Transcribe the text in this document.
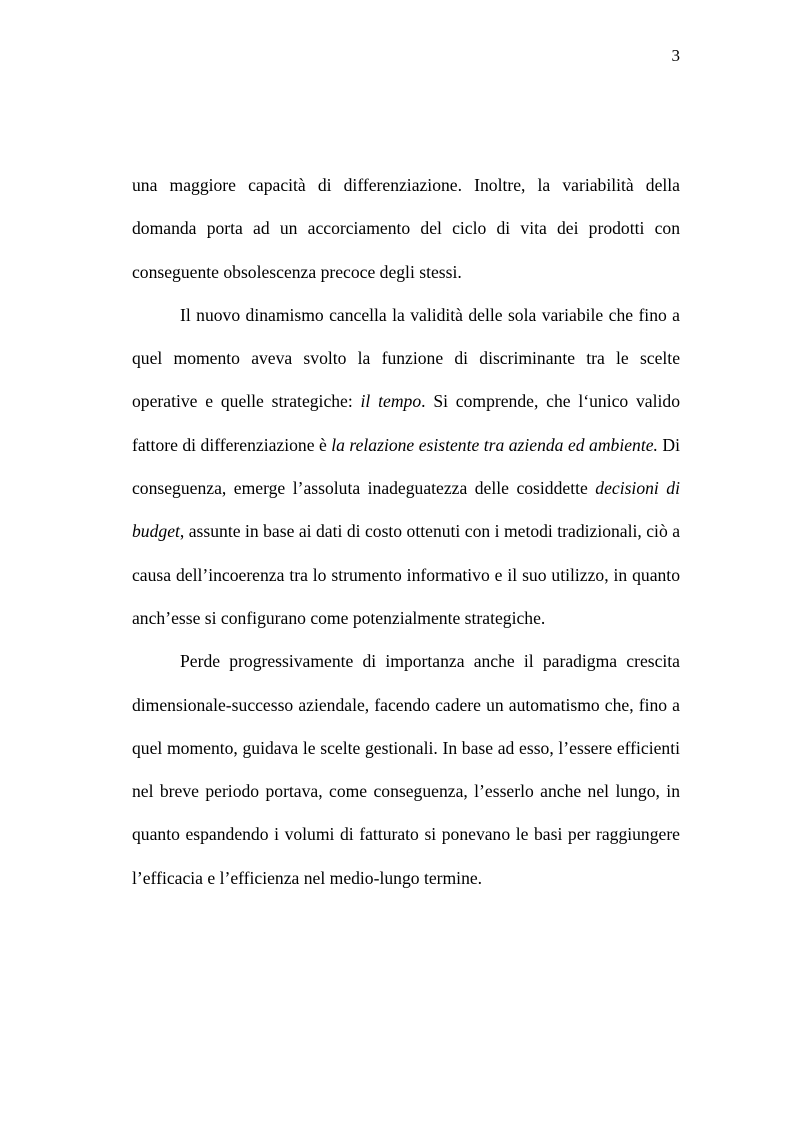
3

una maggiore capacità di differenziazione. Inoltre, la variabilità della domanda porta ad un accorciamento del ciclo di vita dei prodotti con conseguente obsolescenza precoce degli stessi.

Il nuovo dinamismo cancella la validità delle sola variabile che fino a quel momento aveva svolto la funzione di discriminante tra le scelte operative e quelle strategiche: il tempo. Si comprende, che l‘unico valido fattore di differenziazione è la relazione esistente tra azienda ed ambiente. Di conseguenza, emerge l’assoluta inadeguatezza delle cosiddette decisioni di budget, assunte in base ai dati di costo ottenuti con i metodi tradizionali, ciò a causa dell’incoerenza tra lo strumento informativo e il suo utilizzo, in quanto anch’esse si configurano come potenzialmente strategiche.

Perde progressivamente di importanza anche il paradigma crescita dimensionale-successo aziendale, facendo cadere un automatismo che, fino a quel momento, guidava le scelte gestionali. In base ad esso, l’essere efficienti nel breve periodo portava, come conseguenza, l’esserlo anche nel lungo, in quanto espandendo i volumi di fatturato si ponevano le basi per raggiungere l’efficacia e l’efficienza nel medio-lungo termine.
